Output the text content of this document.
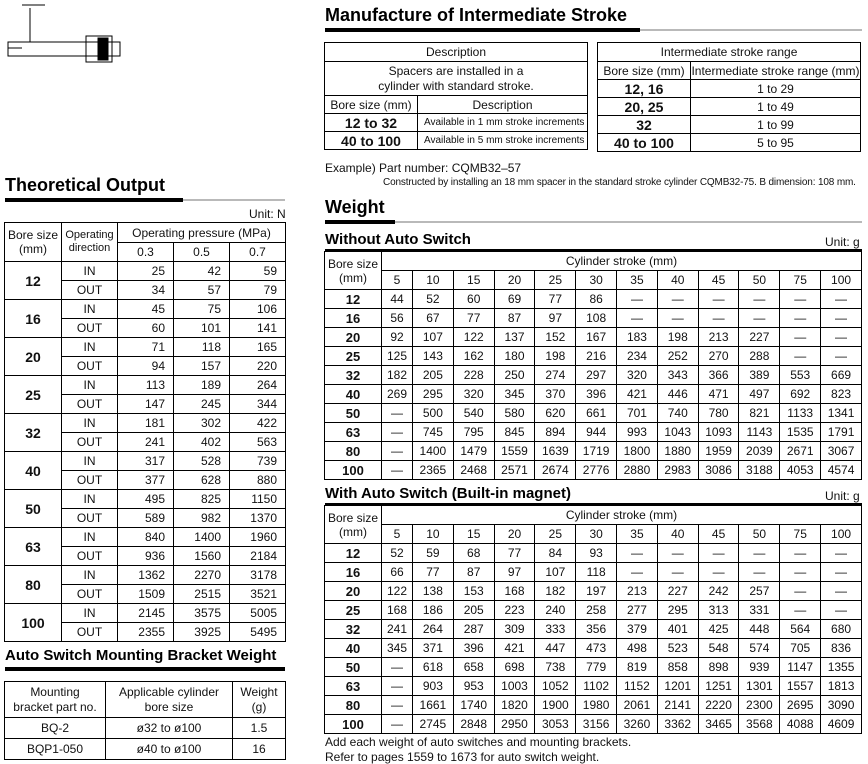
Manufacture of Intermediate Stroke
Description	
Spacers are installed in a
cylinder with standard stroke.	
Bore size (mm)	Description
12 to 32	Available in 1 mm stroke increments
40 to 100	Available in 5 mm stroke increments
Intermediate stroke range	
Bore size (mm)	Intermediate stroke range (mm)
12, 16	1 to 29
20, 25	1 to 49
32	1 to 99
40 to 100	5 to 95
Example) Part number: CQMB32–57
Constructed by installing an 18 mm spacer in the standard stroke cylinder CQMB32-75. B dimension: 108 mm.
Theoretical Output
Unit: N
Bore size
(mm)	Operating
direction	Operating pressure (MPa)		
		0.3	0.5	0.7
12	IN	25	42	59
	OUT	34	57	79
16	IN	45	75	106
	OUT	60	101	141
20	IN	71	118	165
	OUT	94	157	220
25	IN	113	189	264
	OUT	147	245	344
32	IN	181	302	422
	OUT	241	402	563
40	IN	317	528	739
	OUT	377	628	880
50	IN	495	825	1150
	OUT	589	982	1370
63	IN	840	1400	1960
	OUT	936	1560	2184
80	IN	1362	2270	3178
	OUT	1509	2515	3521
100	IN	2145	3575	5005
	OUT	2355	3925	5495
Auto Switch Mounting Bracket Weight
Mounting
bracket part no.	Applicable cylinder
bore size	Weight
(g)
BQ-2	ø32 to ø100	1.5
BQP1-050	ø40 to ø100	16
Weight
Without Auto Switch	Unit: g
Bore size
(mm)	Cylinder stroke (mm)											
	5	10	15	20	25	30	35	40	45	50	75	100
12	44	52	60	69	77	86	—	—	—	—	—	—
16	56	67	77	87	97	108	—	—	—	—	—	—
20	92	107	122	137	152	167	183	198	213	227	—	—
25	125	143	162	180	198	216	234	252	270	288	—	—
32	182	205	228	250	274	297	320	343	366	389	553	669
40	269	295	320	345	370	396	421	446	471	497	692	823
50	—	500	540	580	620	661	701	740	780	821	1133	1341
63	—	745	795	845	894	944	993	1043	1093	1143	1535	1791
80	—	1400	1479	1559	1639	1719	1800	1880	1959	2039	2671	3067
100	—	2365	2468	2571	2674	2776	2880	2983	3086	3188	4053	4574
With Auto Switch (Built-in magnet)	Unit: g
Bore size
(mm)	Cylinder stroke (mm)											
	5	10	15	20	25	30	35	40	45	50	75	100
12	52	59	68	77	84	93	—	—	—	—	—	—
16	66	77	87	97	107	118	—	—	—	—	—	—
20	122	138	153	168	182	197	213	227	242	257	—	—
25	168	186	205	223	240	258	277	295	313	331	—	—
32	241	264	287	309	333	356	379	401	425	448	564	680
40	345	371	396	421	447	473	498	523	548	574	705	836
50	—	618	658	698	738	779	819	858	898	939	1147	1355
63	—	903	953	1003	1052	1102	1152	1201	1251	1301	1557	1813
80	—	1661	1740	1820	1900	1980	2061	2141	2220	2300	2695	3090
100	—	2745	2848	2950	3053	3156	3260	3362	3465	3568	4088	4609
Add each weight of auto switches and mounting brackets.
Refer to pages 1559 to 1673 for auto switch weight.
